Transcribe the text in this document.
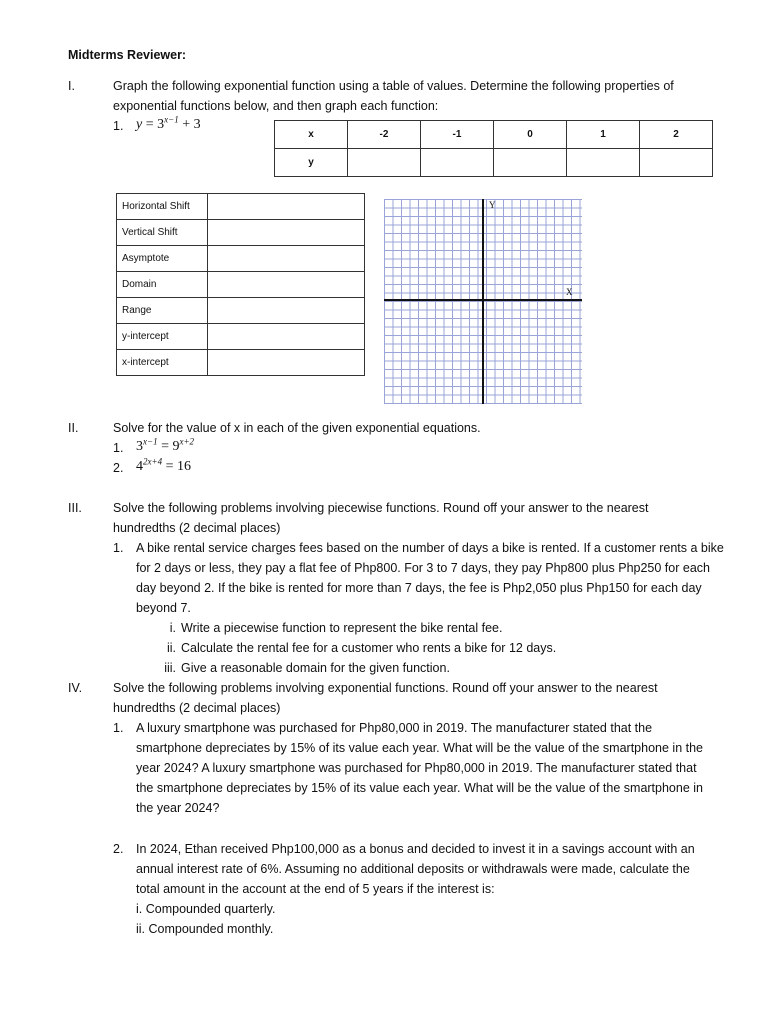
Midterms Reviewer:
I.	Graph the following exponential function using a table of values. Determine the following properties of
exponential functions below, and then graph each function:
1. $y = 3^{x-1} + 3$
x	-2	-1	0	1	2
y					
Horizontal Shift	
Vertical Shift	
Asymptote	
Domain	
Range	
y-intercept	
x-intercept	
Y
X
II.	Solve for the value of x in each of the given exponential equations.
1. $3^{x-1} = 9^{x+2}$
2. $4^{2x+4} = 16$
III. Solve the following problems involving piecewise functions. Round off your answer to the nearest
hundredths (2 decimal places)
1. A bike rental service charges fees based on the number of days a bike is rented. If a customer rents a bike
for 2 days or less, they pay a flat fee of Php800. For 3 to 7 days, they pay Php800 plus Php250 for each
day beyond 2. If the bike is rented for more than 7 days, the fee is Php2,050 plus Php150 for each day
beyond 7.
i. Write a piecewise function to represent the bike rental fee.
ii. Calculate the rental fee for a customer who rents a bike for 12 days.
iii. Give a reasonable domain for the given function.
IV. Solve the following problems involving exponential functions. Round off your answer to the nearest
hundredths (2 decimal places)
1. A luxury smartphone was purchased for Php80,000 in 2019. The manufacturer stated that the
smartphone depreciates by 15% of its value each year. What will be the value of the smartphone in the
year 2024? A luxury smartphone was purchased for Php80,000 in 2019. The manufacturer stated that
the smartphone depreciates by 15% of its value each year. What will be the value of the smartphone in
the year 2024?
2. In 2024, Ethan received Php100,000 as a bonus and decided to invest it in a savings account with an
annual interest rate of 6%. Assuming no additional deposits or withdrawals were made, calculate the
total amount in the account at the end of 5 years if the interest is:
i. Compounded quarterly.
ii. Compounded monthly.
